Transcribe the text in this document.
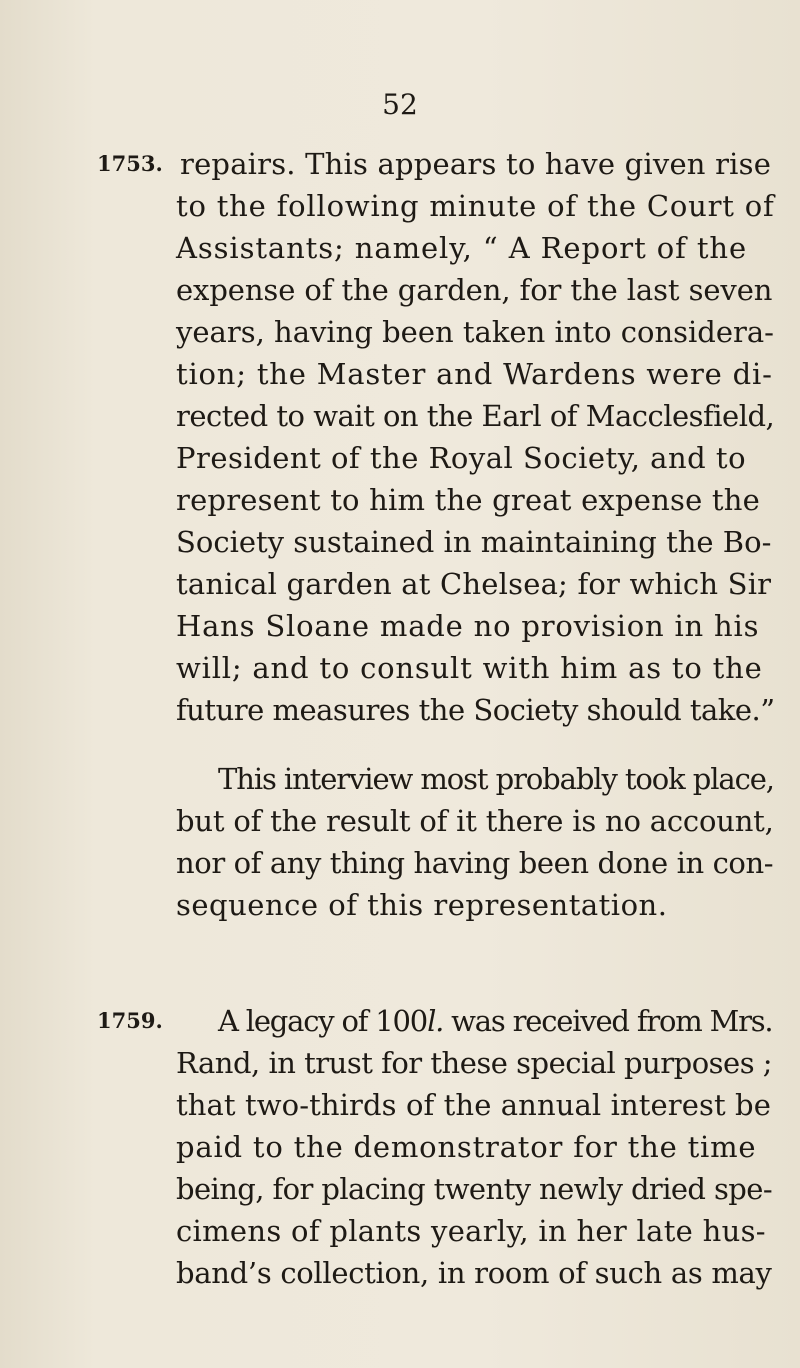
52
1753. repairs. This appears to have given rise
to the following minute of the Court of
Assistants; namely, “ A Report of the
expense of the garden, for the last seven
years, having been taken into considera-
tion; the Master and Wardens were di-
rected to wait on the Earl of Macclesfield,
President of the Royal Society, and to
represent to him the great expense the
Society sustained in maintaining the Bo-
tanical garden at Chelsea; for which Sir
Hans Sloane made no provision in his
will; and to consult with him as to the
future measures the Society should take.”
This interview most probably took place,
but of the result of it there is no account,
nor of any thing having been done in con-
sequence of this representation.
1759. A legacy of 100l. was received from Mrs.
Rand, in trust for these special purposes ;
that two-thirds of the annual interest be
paid to the demonstrator for the time
being, for placing twenty newly dried spe-
cimens of plants yearly, in her late hus-
band’s collection, in room of such as may
